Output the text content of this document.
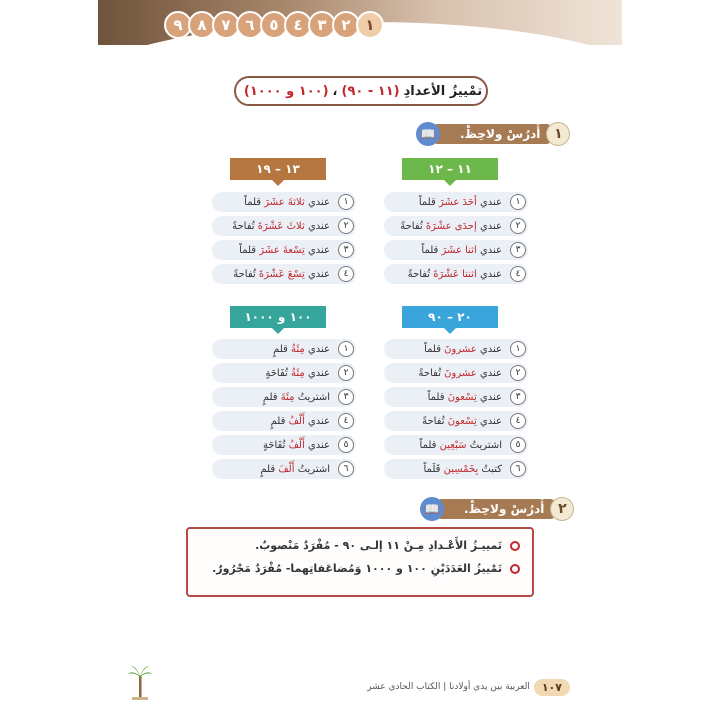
٩ ٨ ٧ ٦ ٥ ٤ ٣ ٢ ١
تمْييزُ الأعدادِ
(١١ - ٩٠)
،
(١٠٠ و ١٠٠٠)
١
أُدرُسْ ولاحِظْ.
📖
١١ – ١٢
١٣ – ١٩
٢٠ – ٩٠
١٠٠ و ١٠٠٠
١
عندي

أحَدَ عشَرَ

قلماً
٢
عندي

إحدَى عشْرَةَ

تُفاحةً
٣
عندي

اثنا عشَرَ

قلماً
٤
عندي

اثنتا عَشْرَةَ

تُفاحةً
١
عندي

ثلاثةَ عشَرَ

قلماً
٢
عندي

ثلاثَ عَشْرَةَ

تُفاحةً
٣
عندي

تِسْعةَ عشَرَ

قلماً
٤
عندي

تِسْعَ عَشْرَةَ

تُفاحةً
١
عندي

عشرونَ

قلماً
٢
عندي

عشرونَ

تُفاحةً
٣
عندي

تِسْعونَ

قلماً
٤
عندي

تِسْعونَ

تُفاحةً
٥
اشتريتُ

سَبْعِين

قلماً
٦
كتبتُ

بِخَمْسِين

قَلَماً
١
عندي

مِئَةُ

قلمٍ
٢
عندي

مِئَةُ

تُفَاحَةٍ
٣
اشتريتُ

مِئَةَ

قلمٍ
٤
عندي

أَلْفُ

قلمٍ
٥
عندي

أَلْفُ

تُفَاحَةٍ
٦
اشتريتُ

أَلْفَ

قلمٍ
٢
أُدرُسْ ولاحِظْ.
📖
تَمييـزُ الأَعْـدادِ مِـنْ ١١ إلـى ٩٠ - مُفْرَدٌ مَنْصوبٌ.
تَمْييزُ العَدَدَيْنِ ١٠٠ و ١٠٠٠ وَمُضاعَفاتِهما- مُفْرَدٌ مَجْرُورٌ.
١٠٧
العربية بين يدي أولادنا | الكتاب الحادي عشر
